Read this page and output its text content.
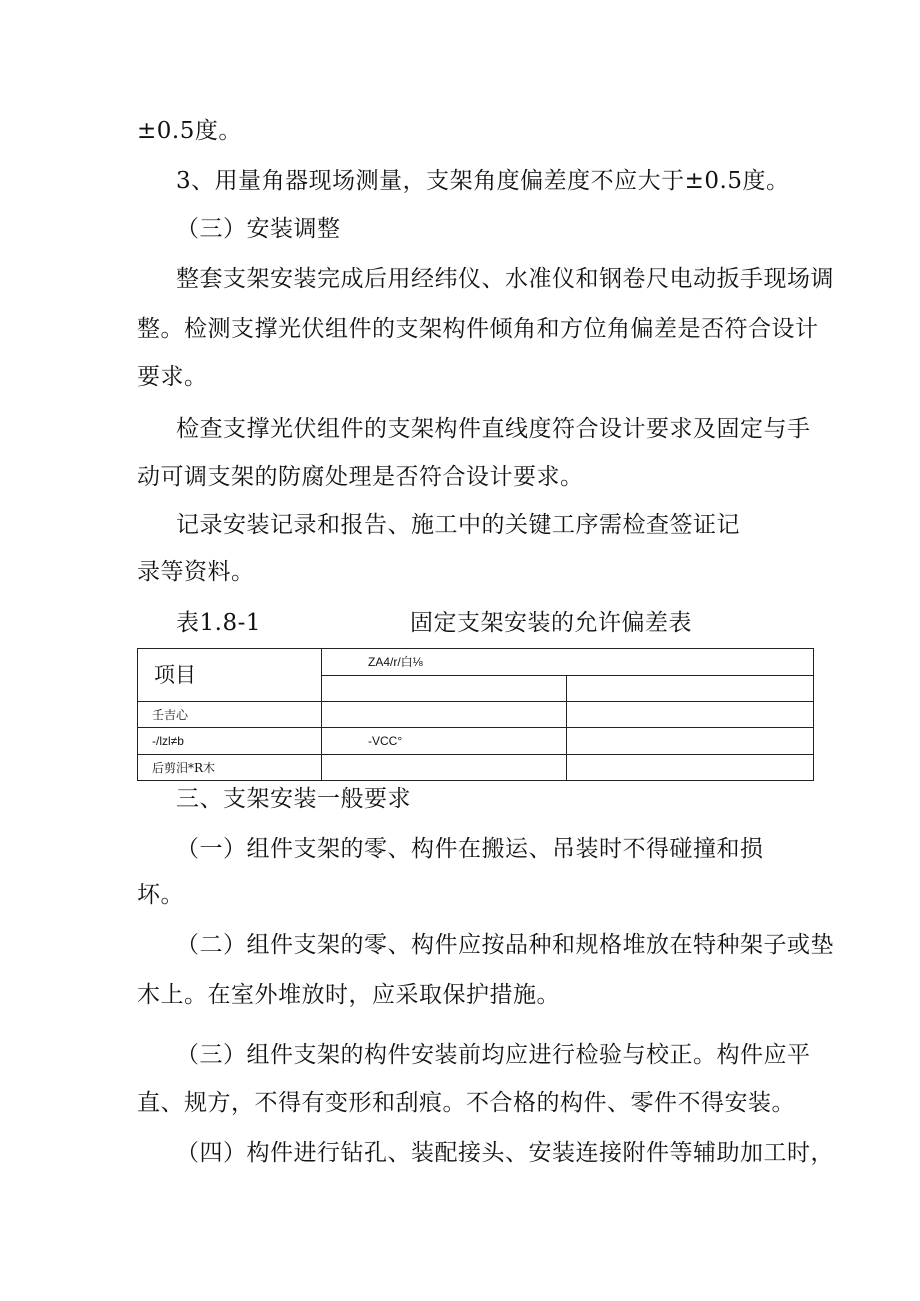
±0.5度。
3、用量角器现场测量，支架角度偏差度不应大于±0.5度。
（三）安装调整
整套支架安装完成后用经纬仪、水准仪和钢卷尺电动扳手现场调
整。检测支撑光伏组件的支架构件倾角和方位角偏差是否符合设计
要求。
检查支撑光伏组件的支架构件直线度符合设计要求及固定与手
动可调支架的防腐处理是否符合设计要求。
记录安装记录和报告、施工中的关键工序需检查签证记
录等资料。
表1.8-1	固定支架安装的允许偏差表
项目	ZA4/r/白⅛	

壬吉心		
-/lzl≠b	-VCC°	
后剪汨*R木		
三、支架安装一般要求
（一）组件支架的零、构件在搬运、吊装时不得碰撞和损
坏。
（二）组件支架的零、构件应按品种和规格堆放在特种架子或垫
木上。在室外堆放时，应采取保护措施。
（三）组件支架的构件安装前均应进行检验与校正。构件应平
直、规方，不得有变形和刮痕。不合格的构件、零件不得安装。
（四）构件进行钻孔、装配接头、安装连接附件等辅助加工时，
